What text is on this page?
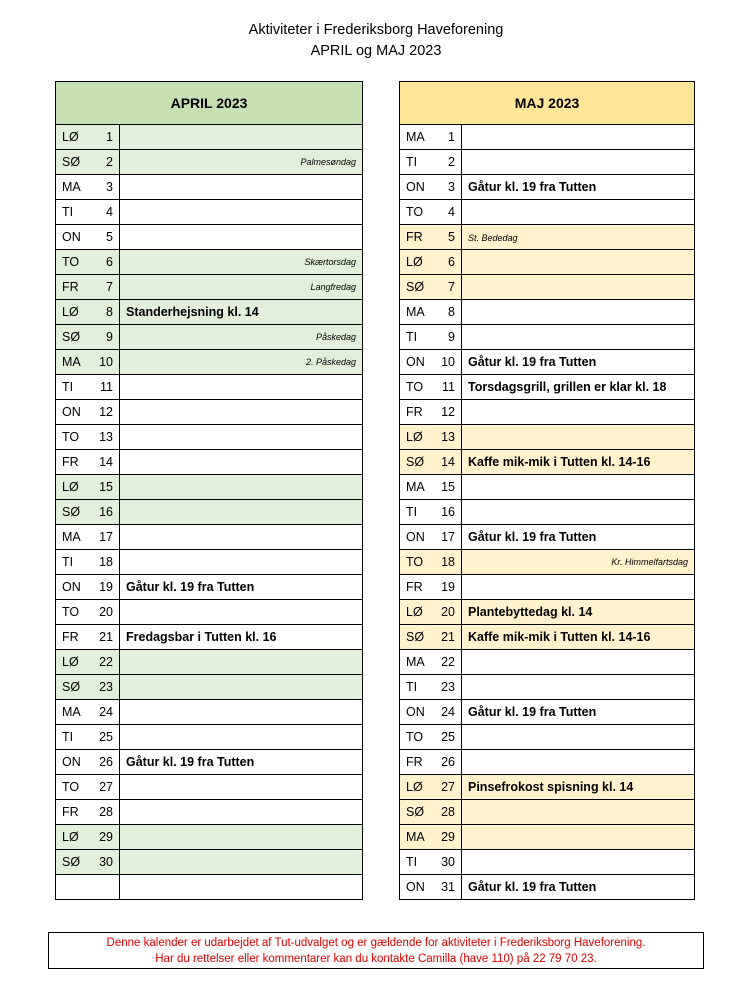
Aktiviteter i Frederiksborg Haveforening
APRIL og MAJ 2023
APRIL 2023		
LØ	1	
SØ	2	Palmesøndag

MA	3	
TI	4	
ON	5	
TO	6	Skærtorsdag

FR	7	Langfredag

LØ	8	Standerhejsning kl. 14
SØ	9	Påskedag

MA	10	2. Påskedag

TI	11	
ON	12	
TO	13	
FR	14	
LØ	15	
SØ	16	
MA	17	
TI	18	
ON	19	Gåtur kl. 19 fra Tutten
TO	20	
FR	21	Fredagsbar i Tutten kl. 16
LØ	22	
SØ	23	
MA	24	
TI	25	
ON	26	Gåtur kl. 19 fra Tutten
TO	27	
FR	28	
LØ	29	
SØ	30	

MAJ 2023		
MA	1	
TI	2	
ON	3	Gåtur kl. 19 fra Tutten
TO	4	
FR	5	St. Bededag
LØ	6	
SØ	7	
MA	8	
TI	9	
ON	10	Gåtur kl. 19 fra Tutten
TO	11	Torsdagsgrill, grillen er klar kl. 18
FR	12	
LØ	13	
SØ	14	Kaffe mik-mik i Tutten kl. 14-16
MA	15	
TI	16	
ON	17	Gåtur kl. 19 fra Tutten
TO	18	Kr. Himmelfartsdag

FR	19	
LØ	20	Plantebyttedag kl. 14
SØ	21	Kaffe mik-mik i Tutten kl. 14-16
MA	22	
TI	23	
ON	24	Gåtur kl. 19 fra Tutten
TO	25	
FR	26	
LØ	27	Pinsefrokost spisning kl. 14
SØ	28	
MA	29	
TI	30	
ON	31	Gåtur kl. 19 fra Tutten
Denne kalender er udarbejdet af Tut-udvalget og er gældende for aktiviteter i Frederiksborg Haveforening.
Har du rettelser eller kommentarer kan du kontakte Camilla (have 110) på 22 79 70 23.
